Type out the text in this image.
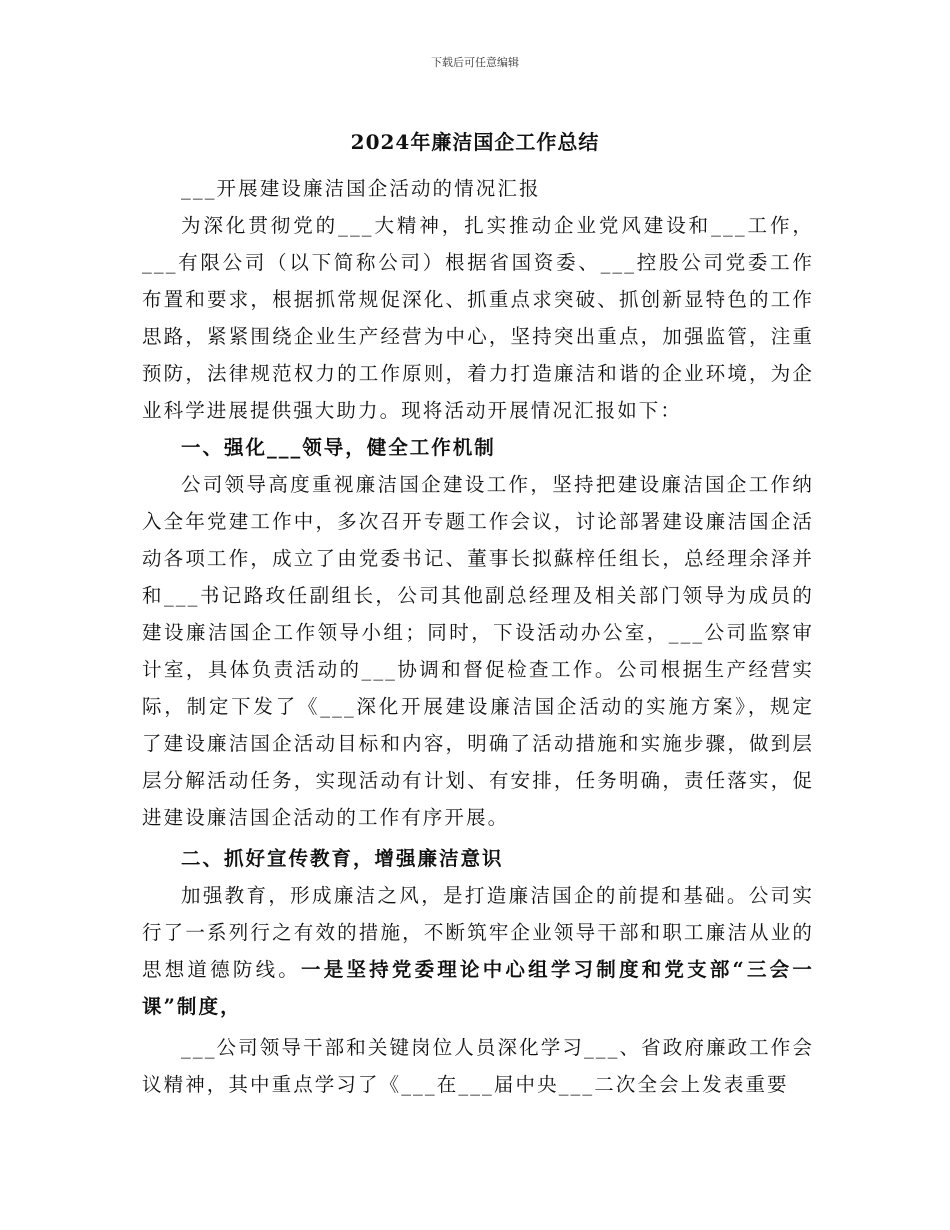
下载后可任意编辑
2024年廉洁国企工作总结

___开展建设廉洁国企活动的情况汇报

为深化贯彻党的___大精神，扎实推动企业党风建设和___工作，___有限公司（以下简称公司）根据省国资委、___控股公司党委工作布置和要求，根据抓常规促深化、抓重点求突破、抓创新显特色的工作思路，紧紧围绕企业生产经营为中心，坚持突出重点，加强监管，注重预防，法律规范权力的工作原则，着力打造廉洁和谐的企业环境，为企业科学进展提供强大助力。现将活动开展情况汇报如下：

一、强化___领导，健全工作机制

公司领导高度重视廉洁国企建设工作，坚持把建设廉洁国企工作纳入全年党建工作中，多次召开专题工作会议，讨论部署建设廉洁国企活动各项工作，成立了由党委书记、董事长拟蘇梓任组长，总经理余泽并和___书记路玫任副组长，公司其他副总经理及相关部门领导为成员的建设廉洁国企工作领导小组；同时，下设活动办公室，___公司监察审计室，具体负责活动的___协调和督促检查工作。公司根据生产经营实际，制定下发了《___深化开展建设廉洁国企活动的实施方案》，规定了建设廉洁国企活动目标和内容，明确了活动措施和实施步骤，做到层层分解活动任务，实现活动有计划、有安排，任务明确，责任落实，促进建设廉洁国企活动的工作有序开展。

二、抓好宣传教育，增强廉洁意识

加强教育，形成廉洁之风，是打造廉洁国企的前提和基础。公司实行了一系列行之有效的措施，不断筑牢企业领导干部和职工廉洁从业的思想道德防线。一是坚持党委理论中心组学习制度和党支部“三会一课”制度，

___公司领导干部和关键岗位人员深化学习___、省政府廉政工作会议精神，其中重点学习了《___在___届中央___二次全会上发表重要
